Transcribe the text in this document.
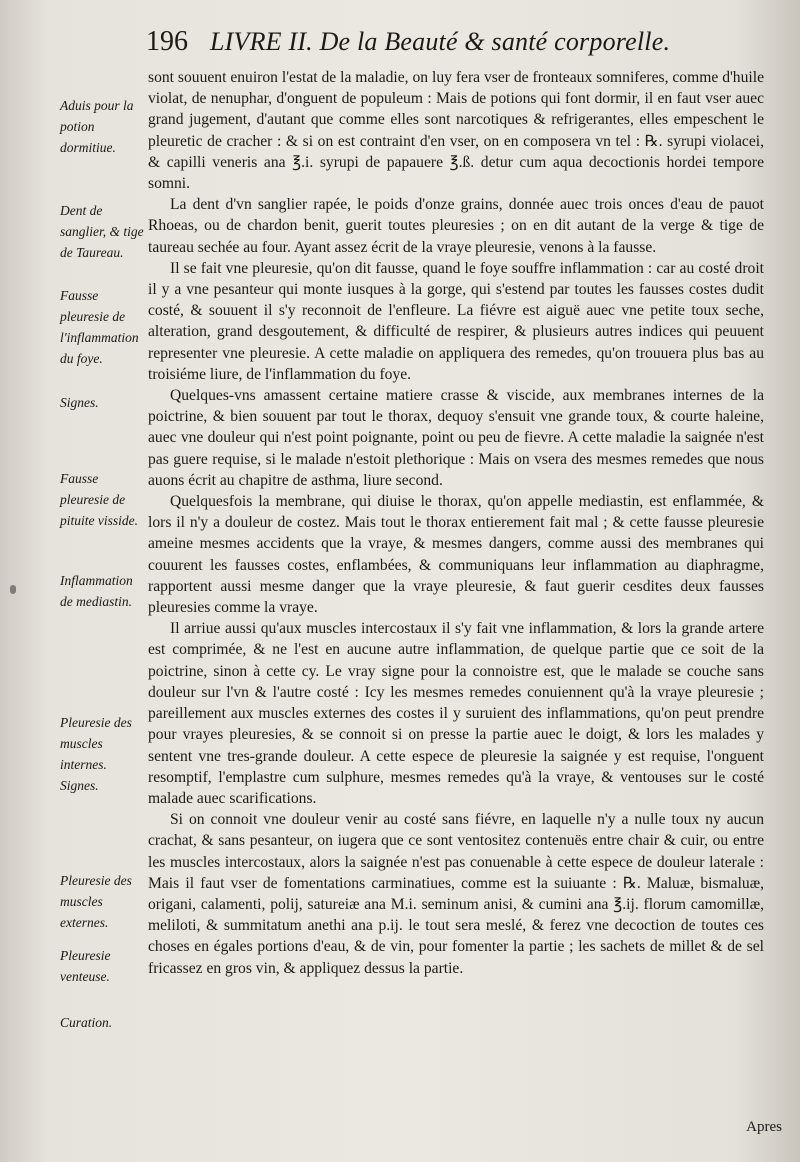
196 LIVRE II. De la Beauté & santé corporelle.
Aduis pour la potion dormitiue.
Dent de sanglier, & tige de Taureau.
Fausse pleuresie de l'inflammation du foye.
Signes.
Fausse pleuresie de pituite visside.
Inflammation de mediastin.
Pleuresie des muscles internes.
Signes.
Pleuresie des muscles externes.
Pleuresie venteuse.
Curation.

sont souuent enuiron l'estat de la maladie, on luy fera vser de fronteaux somniferes, comme d'huile violat, de nenuphar, d'onguent de populeum : Mais de potions qui font dormir, il en faut vser auec grand jugement, d'autant que comme elles sont narcotiques & refrigerantes, elles empeschent le pleuretic de cracher : & si on est contraint d'en vser, on en composera vn tel : ℞. syrupi violacei, & capilli veneris ana ℥.i. syrupi de papauere ℥.ß. detur cum aqua decoctionis hordei tempore somni.

La dent d'vn sanglier rapée, le poids d'onze grains, donnée auec trois onces d'eau de pauot Rhoeas, ou de chardon benit, guerit toutes pleuresies ; on en dit autant de la verge & tige de taureau sechée au four. Ayant assez écrit de la vraye pleuresie, venons à la fausse.

Il se fait vne pleuresie, qu'on dit fausse, quand le foye souffre inflammation : car au costé droit il y a vne pesanteur qui monte iusques à la gorge, qui s'estend par toutes les fausses costes dudit costé, & souuent il s'y reconnoit de l'enfleure. La fiévre est aiguë auec vne petite toux seche, alteration, grand desgoutement, & difficulté de respirer, & plusieurs autres indices qui peuuent representer vne pleuresie. A cette maladie on appliquera des remedes, qu'on trouuera plus bas au troisiéme liure, de l'inflammation du foye.

Quelques-vns amassent certaine matiere crasse & viscide, aux membranes internes de la poictrine, & bien souuent par tout le thorax, dequoy s'ensuit vne grande toux, & courte haleine, auec vne douleur qui n'est point poignante, point ou peu de fievre. A cette maladie la saignée n'est pas guere requise, si le malade n'estoit plethorique : Mais on vsera des mesmes remedes que nous auons écrit au chapitre de asthma, liure second.

Quelquesfois la membrane, qui diuise le thorax, qu'on appelle mediastin, est enflammée, & lors il n'y a douleur de costez. Mais tout le thorax entierement fait mal ; & cette fausse pleuresie ameine mesmes accidents que la vraye, & mesmes dangers, comme aussi des membranes qui couurent les fausses costes, enflambées, & communiquans leur inflammation au diaphragme, rapportent aussi mesme danger que la vraye pleuresie, & faut guerir cesdites deux fausses pleuresies comme la vraye.

Il arriue aussi qu'aux muscles intercostaux il s'y fait vne inflammation, & lors la grande artere est comprimée, & ne l'est en aucune autre inflammation, de quelque partie que ce soit de la poictrine, sinon à cette cy. Le vray signe pour la connoistre est, que le malade se couche sans douleur sur l'vn & l'autre costé : Icy les mesmes remedes conuiennent qu'à la vraye pleuresie ; pareillement aux muscles externes des costes il y suruient des inflammations, qu'on peut prendre pour vrayes pleuresies, & se connoit si on presse la partie auec le doigt, & lors les malades y sentent vne tres-grande douleur. A cette espece de pleuresie la saignée y est requise, l'onguent resomptif, l'emplastre cum sulphure, mesmes remedes qu'à la vraye, & ventouses sur le costé malade auec scarifications.

Si on connoit vne douleur venir au costé sans fiévre, en laquelle n'y a nulle toux ny aucun crachat, & sans pesanteur, on iugera que ce sont ventositez contenuës entre chair & cuir, ou entre les muscles intercostaux, alors la saignée n'est pas conuenable à cette espece de douleur laterale : Mais il faut vser de fomentations carminatiues, comme est la suiuante : ℞. Maluæ, bismaluæ, origani, calamenti, polij, satureiæ ana M.i. seminum anisi, & cumini ana ℥.ij. florum camomillæ, meliloti, & summitatum anethi ana p.ij. le tout sera meslé, & ferez vne decoction de toutes ces choses en égales portions d'eau, & de vin, pour fomenter la partie ; les sachets de millet & de sel fricassez en gros vin, & appliquez dessus la partie.

Apres
